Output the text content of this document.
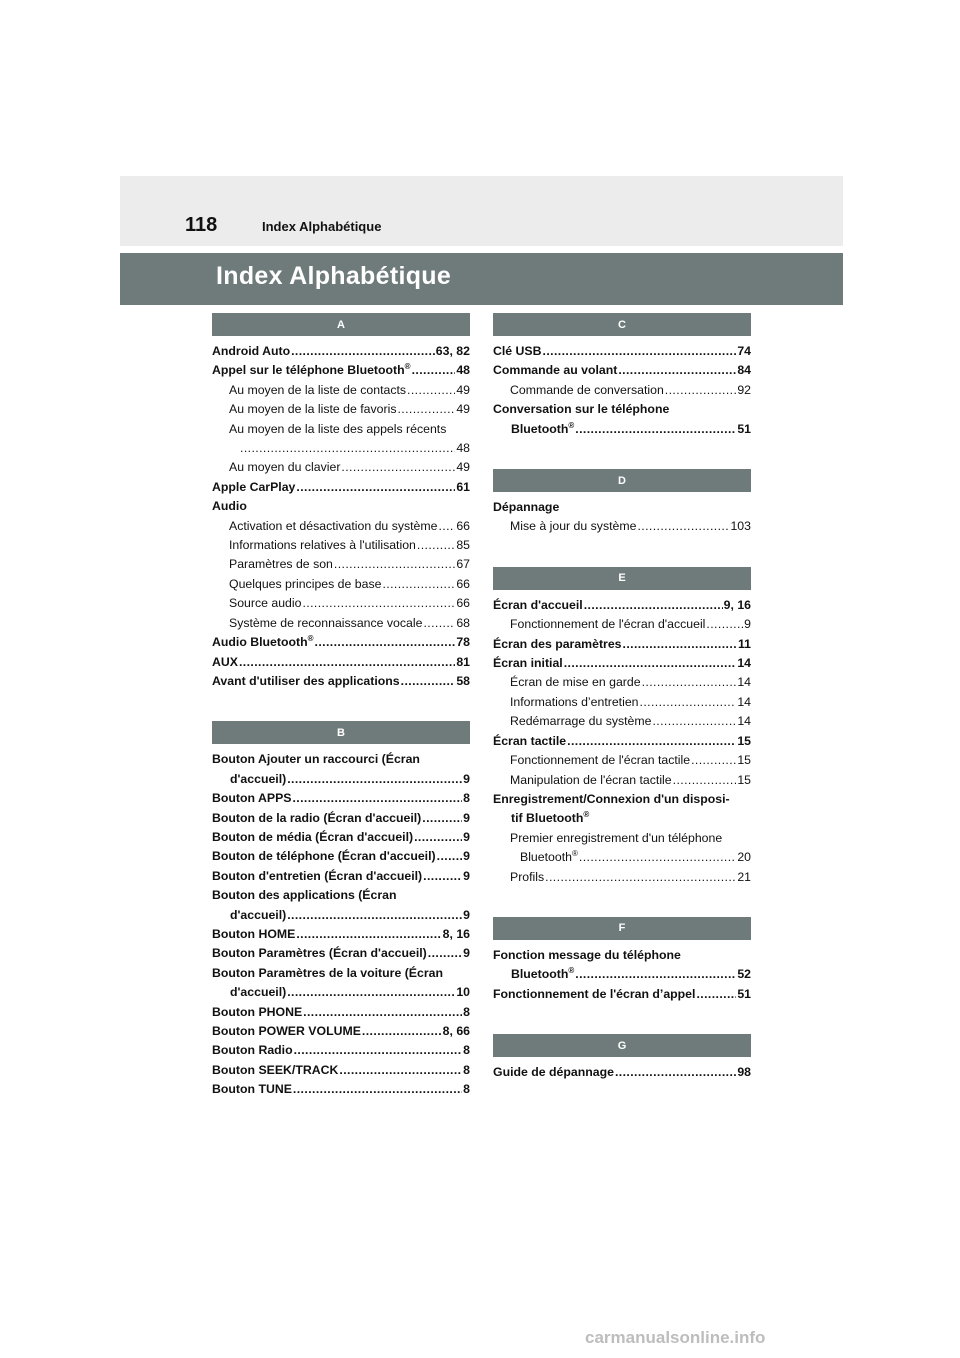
118	Index Alphabétique
Index Alphabétique
A
Android Auto .....	63, 82
Appel sur le téléphone Bluetooth® .....	48
Au moyen de la liste de contacts .....	49
Au moyen de la liste de favoris .....	49
Au moyen de la liste des appels récents
.....
48
Au moyen du clavier .....	49
Apple CarPlay .....	61
Audio
Activation et désactivation du système ..... 66
Informations relatives à l'utilisation .....	85
Paramètres de son .....	67
Quelques principes de base .....	66
Source audio .....	66
Système de reconnaissance vocale .....	68
Audio Bluetooth® .....	78
AUX .....	81
Avant d'utiliser des applications .....	58
B
Bouton Ajouter un raccourci (Écran
d'accueil) .....	9
Bouton APPS .....	8
Bouton de la radio (Écran d'accueil) .....	9
Bouton de média (Écran d'accueil) .....	9
Bouton de téléphone (Écran d'accueil) ..... 9
Bouton d'entretien (Écran d'accueil) .....	9
Bouton des applications (Écran
d'accueil) .....	9
Bouton HOME .....	8, 16
Bouton Paramètres (Écran d'accueil) .....	9
Bouton Paramètres de la voiture (Écran
d'accueil) .....	10
Bouton PHONE .....	8
Bouton POWER VOLUME .....	8, 66
Bouton Radio .....	8
Bouton SEEK/TRACK .....	8
Bouton TUNE .....	8
C
Clé USB .....	74
Commande au volant .....	84
Commande de conversation .....	92
Conversation sur le téléphone
Bluetooth® .....	51
D
Dépannage
Mise à jour du système .....	103
E
Écran d'accueil .....	9, 16
Fonctionnement de l'écran d'accueil .....	9
Écran des paramètres .....	11
Écran initial .....	14
Écran de mise en garde .....	14
Informations d’entretien .....	14
Redémarrage du système .....	14
Écran tactile .....	15
Fonctionnement de l'écran tactile .....	15
Manipulation de l'écran tactile .....	15
Enregistrement/Connexion d'un disposi-
tif Bluetooth®
Premier enregistrement d'un téléphone
Bluetooth® .....	20
Profils .....	21
F
Fonction message du téléphone
Bluetooth® .....	52
Fonctionnement de l'écran d’appel .....	51
G
Guide de dépannage .....	98
carmanualsonline.info
